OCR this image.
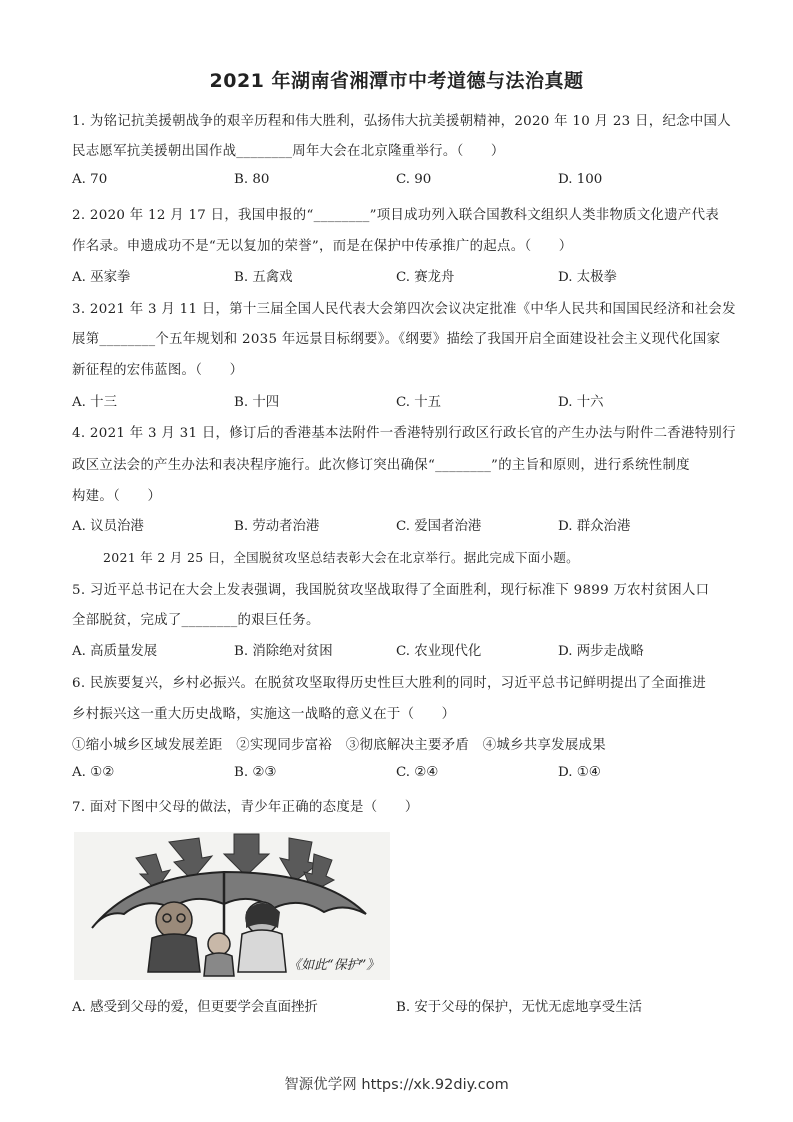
2021 年湖南省湘潭市中考道德与法治真题
1. 为铭记抗美援朝战争的艰辛历程和伟大胜利，弘扬伟大抗美援朝精神，2020 年 10 月 23 日，纪念中国人
民志愿军抗美援朝出国作战________周年大会在北京隆重举行。（　　）
A. 70	B. 80	C. 90	D. 100
2. 2020 年 12 月 17 日，我国申报的“________”项目成功列入联合国教科文组织人类非物质文化遗产代表
作名录。申遗成功不是“无以复加的荣誉”，而是在保护中传承推广的起点。（　　）
A. 巫家拳	B. 五禽戏	C. 赛龙舟	D. 太极拳
3. 2021 年 3 月 11 日，第十三届全国人民代表大会第四次会议决定批准《中华人民共和国国民经济和社会发
展第________个五年规划和 2035 年远景目标纲要》。《纲要》描绘了我国开启全面建设社会主义现代化国家
新征程的宏伟蓝图。（　　）
A. 十三	B. 十四	C. 十五	D. 十六
4. 2021 年 3 月 31 日，修订后的香港基本法附件一香港特别行政区行政长官的产生办法与附件二香港特别行
政区立法会的产生办法和表决程序施行。此次修订突出确保“________”的主旨和原则，进行系统性制度
构建。（　　）
A. 议员治港	B. 劳动者治港	C. 爱国者治港	D. 群众治港
2021 年 2 月 25 日，全国脱贫攻坚总结表彰大会在北京举行。据此完成下面小题。
5. 习近平总书记在大会上发表强调，我国脱贫攻坚战取得了全面胜利，现行标准下 9899 万农村贫困人口
全部脱贫，完成了________的艰巨任务。
A. 高质量发展	B. 消除绝对贫困	C. 农业现代化	D. 两步走战略
6. 民族要复兴，乡村必振兴。在脱贫攻坚取得历史性巨大胜利的同时，习近平总书记鲜明提出了全面推进
乡村振兴这一重大历史战略，实施这一战略的意义在于（　　）
①缩小城乡区域发展差距　②实现同步富裕　③彻底解决主要矛盾　④城乡共享发展成果
A. ①②	B. ②③	C. ②④	D. ①④
7. 面对下图中父母的做法，青少年正确的态度是（　　）
《如此“保护”》
A. 感受到父母的爱，但更要学会直面挫折	B. 安于父母的保护，无忧无虑地享受生活
智源优学网 https://xk.92diy.com
